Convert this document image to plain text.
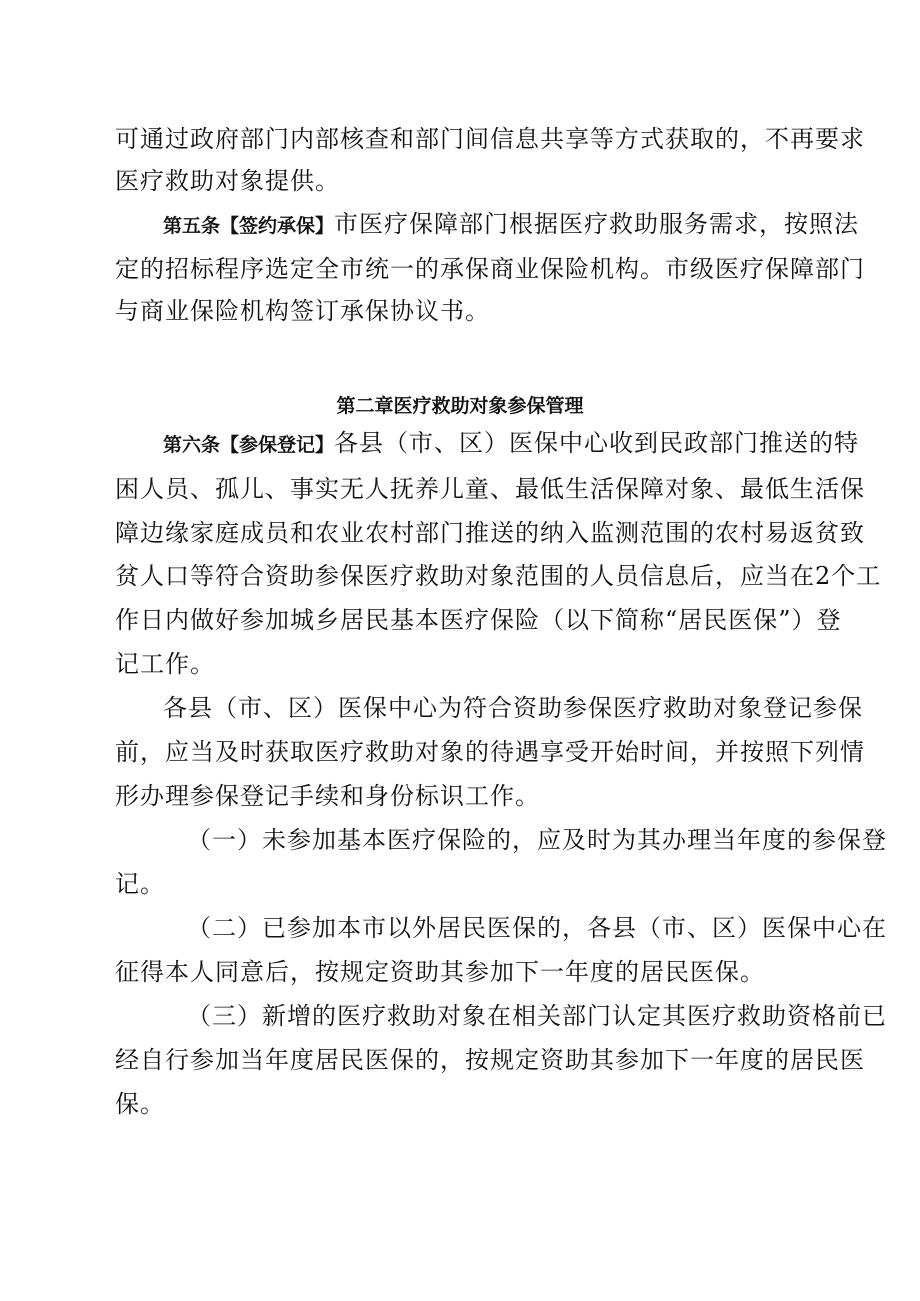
可通过政府部门内部核查和部门间信息共享等方式获取的，不再要求
医疗救助对象提供。
第五条【签约承保】市医疗保障部门根据医疗救助服务需求，按照法
定的招标程序选定全市统一的承保商业保险机构。市级医疗保障部门
与商业保险机构签订承保协议书。
第二章医疗救助对象参保管理
第六条【参保登记】各县（市、区）医保中心收到民政部门推送的特
困人员、孤儿、事实无人抚养儿童、最低生活保障对象、最低生活保
障边缘家庭成员和农业农村部门推送的纳入监测范围的农村易返贫致
贫人口等符合资助参保医疗救助对象范围的人员信息后，应当在2个工
作日内做好参加城乡居民基本医疗保险（以下简称“居民医保”）登
记工作。
各县（市、区）医保中心为符合资助参保医疗救助对象登记参保
前，应当及时获取医疗救助对象的待遇享受开始时间，并按照下列情
形办理参保登记手续和身份标识工作。
（一）未参加基本医疗保险的，应及时为其办理当年度的参保登
记。
（二）已参加本市以外居民医保的，各县（市、区）医保中心在
征得本人同意后，按规定资助其参加下一年度的居民医保。
（三）新增的医疗救助对象在相关部门认定其医疗救助资格前已
经自行参加当年度居民医保的，按规定资助其参加下一年度的居民医
保。
